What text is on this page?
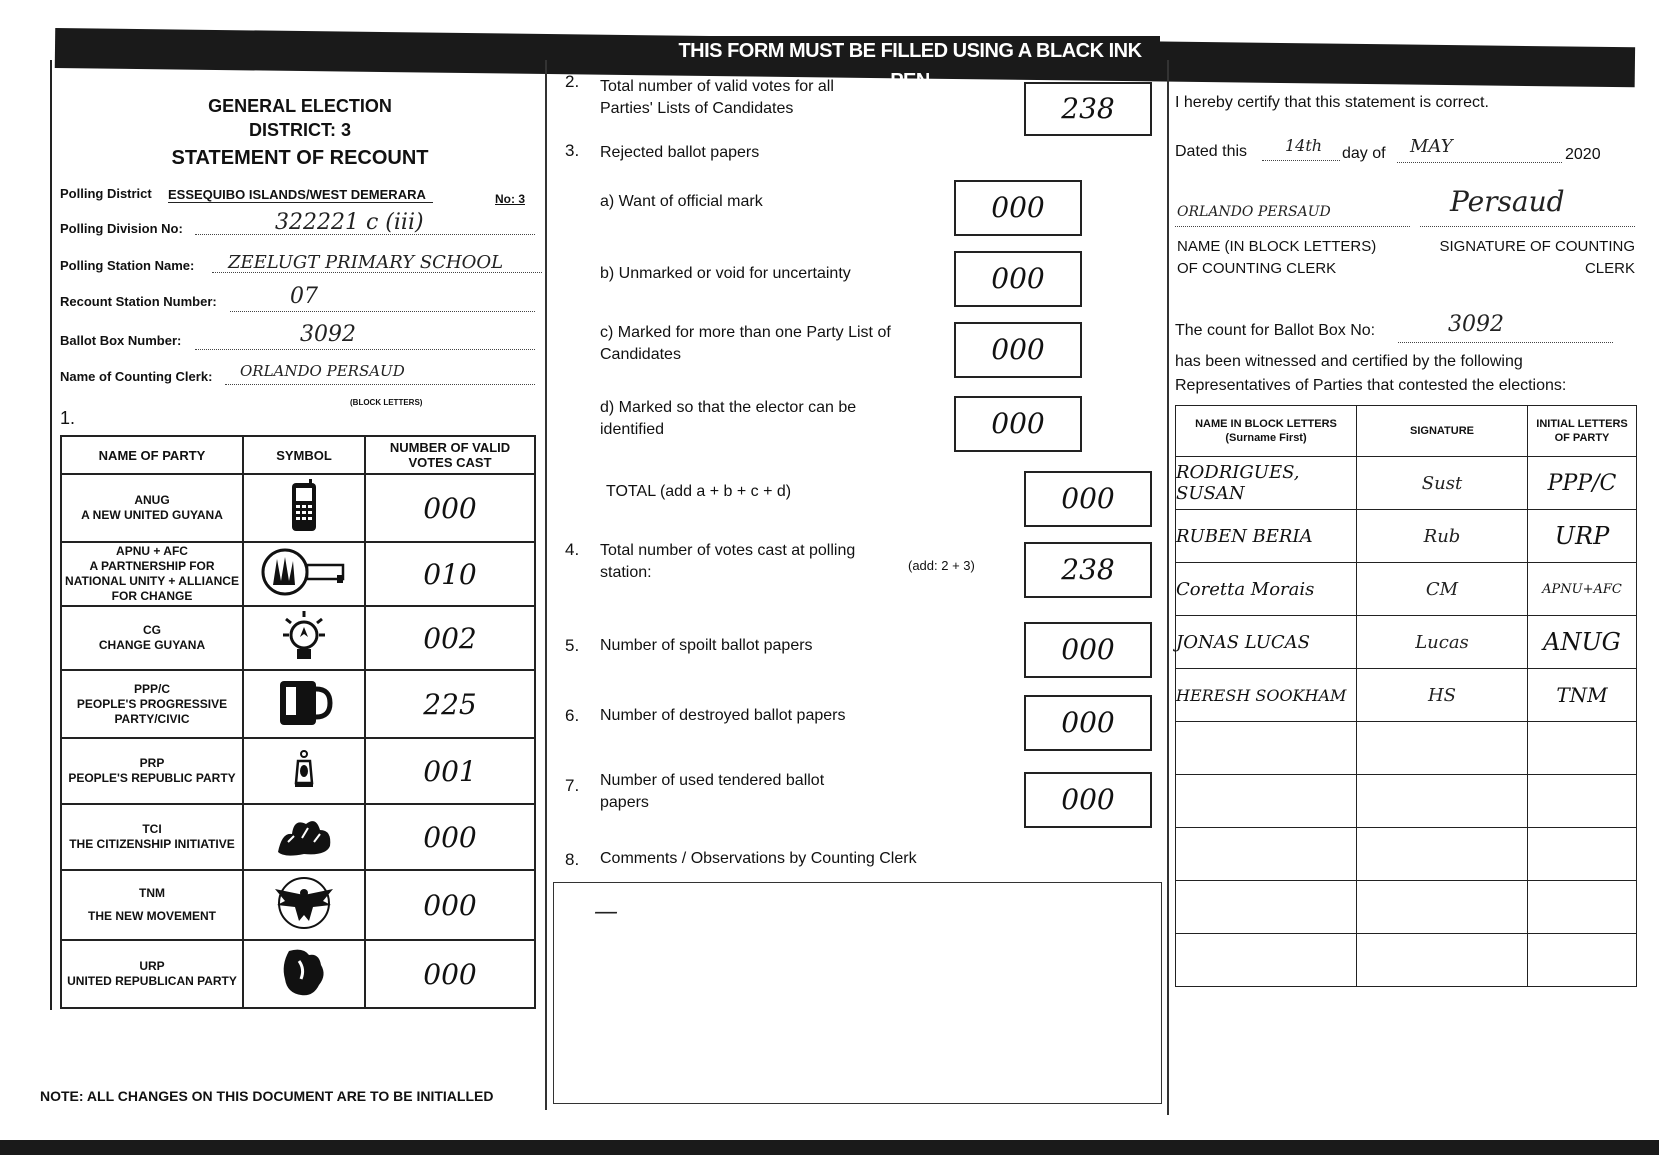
THIS FORM MUST BE FILLED USING A BLACK INK PEN
GENERAL ELECTION
DISTRICT: 3
STATEMENT OF RECOUNT
Polling District ESSEQUIBO ISLANDS/WEST DEMERARA	No: 3
Polling Division No:	322221 c (iii)
Polling Station Name: ZEELUGT PRIMARY SCHOOL
Recount Station Number:	07
Ballot Box Number:	3092
Name of Counting Clerk: ORLANDO PERSAUD
(BLOCK LETTERS)
1.
NAME OF PARTY	SYMBOL	NUMBER OF VALID VOTES CAST

ANUG
A NEW UNITED GUYANA		000

APNU + AFC
A PARTNERSHIP FOR NATIONAL UNITY + ALLIANCE FOR CHANGE		010

CG
CHANGE GUYANA		002

PPP/C
PEOPLE'S PROGRESSIVE PARTY/CIVIC		225

PRP
PEOPLE'S REPUBLIC PARTY		001

TCI
THE CITIZENSHIP INITIATIVE		000

TNM
THE NEW MOVEMENT		000

URP
UNITED REPUBLICAN PARTY		000
NOTE: ALL CHANGES ON THIS DOCUMENT ARE TO BE INITIALLED
2. Total number of valid votes for all Parties' Lists of Candidates	238
3. Rejected ballot papers
a) Want of official mark	000
b) Unmarked or void for uncertainty	000
c) Marked for more than one Party List of Candidates	000
d) Marked so that the elector can be identified	000
TOTAL (add a + b + c + d)	000
4. Total number of votes cast at polling station:	(add: 2 + 3)	238
5. Number of spoilt ballot papers	000
6. Number of destroyed ballot papers	000
7. Number of used tendered ballot papers	000
8. Comments / Observations by Counting Clerk
—
I hereby certify that this statement is correct.
Dated this 14th day of MAY	2020
ORLANDO PERSAUD	Persaud
NAME (IN BLOCK LETTERS) OF COUNTING CLERK
SIGNATURE OF COUNTING CLERK
The count for Ballot Box No:	3092
has been witnessed and certified by the following Representatives of Parties that contested the elections:
NAME IN BLOCK LETTERS (Surname First)	SIGNATURE	INITIAL LETTERS OF PARTY
RODRIGUES, SUSAN	Sust	PPP/C
RUBEN BERIA	Rub	URP
Coretta Morais	CM	APNU+AFC
JONAS LUCAS	Lucas	ANUG
HERESH SOOKHAM	HS	TNM
